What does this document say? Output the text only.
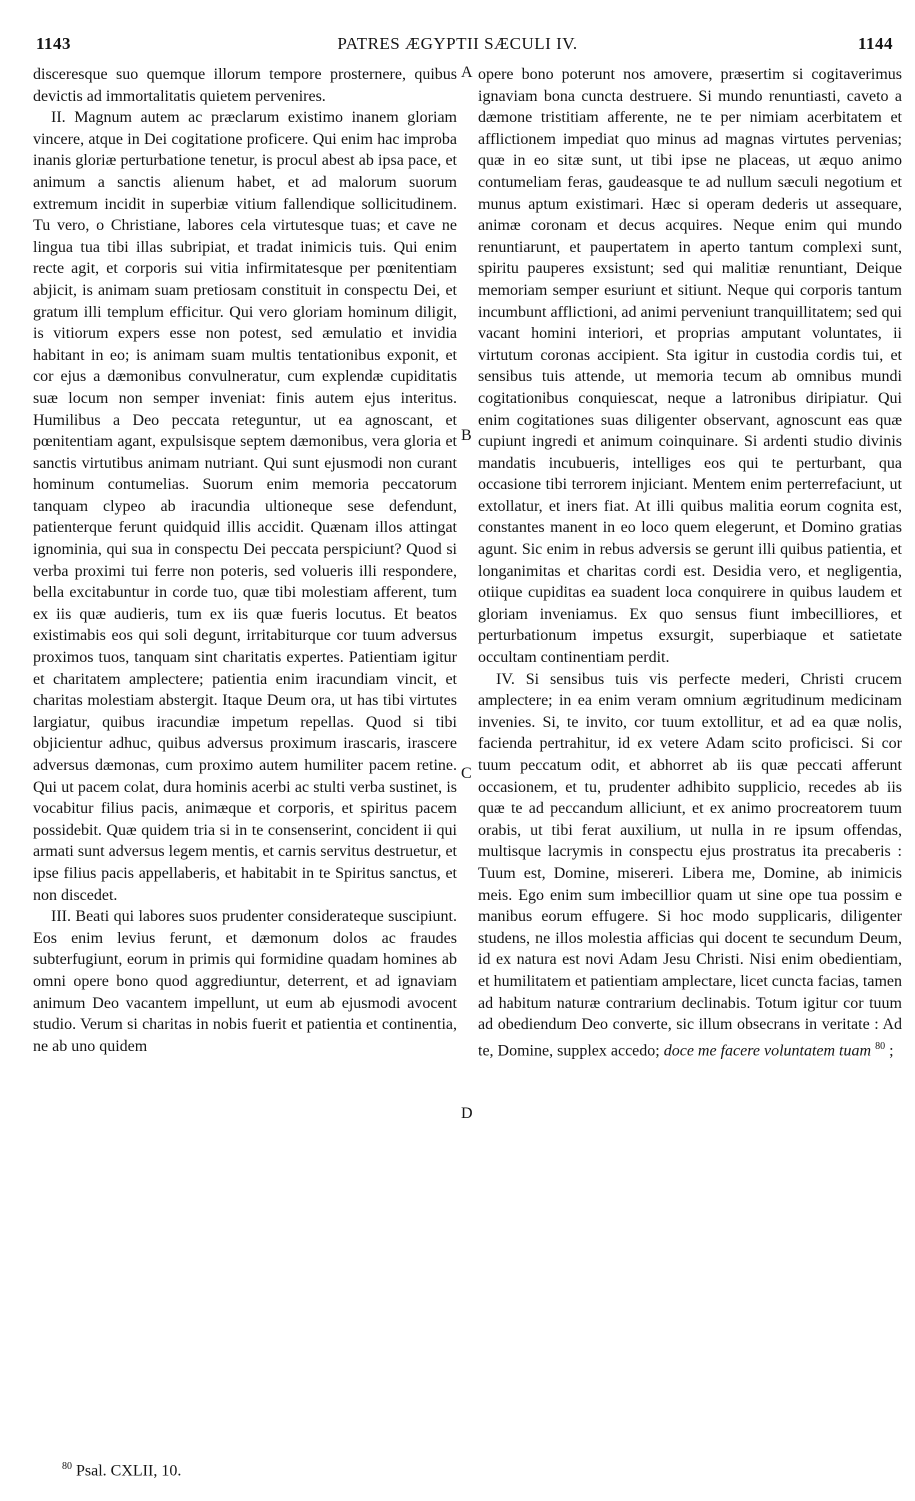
1143	PATRES ÆGYPTII SÆCULI IV.	1144

disceresque suo quemque illorum tempore prosternere, quibus devictis ad immortalitatis quietem pervenires.

II. Magnum autem ac præclarum existimo inanem gloriam vincere, atque in Dei cogitatione proficere. Qui enim hac improba inanis gloriæ perturbatione tenetur, is procul abest ab ipsa pace, et animum a sanctis alienum habet, et ad malorum suorum extremum incidit in superbiæ vitium fallendique sollicitudinem. Tu vero, o Christiane, labores cela virtutesque tuas; et cave ne lingua tua tibi illas subripiat, et tradat inimicis tuis. Qui enim recte agit, et corporis sui vitia infirmitatesque per pœnitentiam abjicit, is animam suam pretiosam constituit in conspectu Dei, et gratum illi templum efficitur. Qui vero gloriam hominum diligit, is vitiorum expers esse non potest, sed æmulatio et invidia habitant in eo; is animam suam multis tentationibus exponit, et cor ejus a dæmonibus convulneratur, cum explendæ cupiditatis suæ locum non semper inveniat: finis autem ejus interitus. Humilibus a Deo peccata reteguntur, ut ea agnoscant, et pœnitentiam agant, expulsisque septem dæmonibus, vera gloria et sanctis virtutibus animam nutriant. Qui sunt ejusmodi non curant hominum contumelias. Suorum enim memoria peccatorum tanquam clypeo ab iracundia ultioneque sese defendunt, patienterque ferunt quidquid illis accidit. Quænam illos attingat ignominia, qui sua in conspectu Dei peccata perspiciunt? Quod si verba proximi tui ferre non poteris, sed volueris illi respondere, bella excitabuntur in corde tuo, quæ tibi molestiam afferent, tum ex iis quæ audieris, tum ex iis quæ fueris locutus. Et beatos existimabis eos qui soli degunt, irritabiturque cor tuum adversus proximos tuos, tanquam sint charitatis expertes. Patientiam igitur et charitatem amplectere; patientia enim iracundiam vincit, et charitas molestiam abstergit. Itaque Deum ora, ut has tibi virtutes largiatur, quibus iracundiæ impetum repellas. Quod si tibi objicientur adhuc, quibus adversus proximum irascaris, irascere adversus dæmonas, cum proximo autem humiliter pacem retine. Qui ut pacem colat, dura hominis acerbi ac stulti verba sustinet, is vocabitur filius pacis, animæque et corporis, et spiritus pacem possidebit. Quæ quidem tria si in te consenserint, concident ii qui armati sunt adversus legem mentis, et carnis servitus destruetur, et ipse filius pacis appellaberis, et habitabit in te Spiritus sanctus, et non discedet.

III. Beati qui labores suos prudenter considerateque suscipiunt. Eos enim levius ferunt, et dæmonum dolos ac fraudes subterfugiunt, eorum in primis qui formidine quadam homines ab omni opere bono quod aggrediuntur, deterrent, et ad ignaviam animum Deo vacantem impellunt, ut eum ab ejusmodi avocent studio. Verum si charitas in nobis fuerit et patientia et continentia, ne ab uno quidem

A
B
C
D

opere bono poterunt nos amovere, præsertim si cogitaverimus ignaviam bona cuncta destruere. Si mundo renuntiasti, caveto a dæmone tristitiam afferente, ne te per nimiam acerbitatem et afflictionem impediat quo minus ad magnas virtutes pervenias; quæ in eo sitæ sunt, ut tibi ipse ne placeas, ut æquo animo contumeliam feras, gaudeasque te ad nullum sæculi negotium et munus aptum existimari. Hæc si operam dederis ut assequare, animæ coronam et decus acquires. Neque enim qui mundo renuntiarunt, et paupertatem in aperto tantum complexi sunt, spiritu pauperes exsistunt; sed qui malitiæ renuntiant, Deique memoriam semper esuriunt et sitiunt. Neque qui corporis tantum incumbunt afflictioni, ad animi perveniunt tranquillitatem; sed qui vacant homini interiori, et proprias amputant voluntates, ii virtutum coronas accipient. Sta igitur in custodia cordis tui, et sensibus tuis attende, ut memoria tecum ab omnibus mundi cogitationibus conquiescat, neque a latronibus diripiatur. Qui enim cogitationes suas diligenter observant, agnoscunt eas quæ cupiunt ingredi et animum coinquinare. Si ardenti studio divinis mandatis incubueris, intelliges eos qui te perturbant, qua occasione tibi terrorem injiciant. Mentem enim perterrefaciunt, ut extollatur, et iners fiat. At illi quibus malitia eorum cognita est, constantes manent in eo loco quem elegerunt, et Domino gratias agunt. Sic enim in rebus adversis se gerunt illi quibus patientia, et longanimitas et charitas cordi est. Desidia vero, et negligentia, otiique cupiditas ea suadent loca conquirere in quibus laudem et gloriam inveniamus. Ex quo sensus fiunt imbecilliores, et perturbationum impetus exsurgit, superbiaque et satietate occultam continentiam perdit.

IV. Si sensibus tuis vis perfecte mederi, Christi crucem amplectere; in ea enim veram omnium ægritudinum medicinam invenies. Si, te invito, cor tuum extollitur, et ad ea quæ nolis, facienda pertrahitur, id ex vetere Adam scito proficisci. Si cor tuum peccatum odit, et abhorret ab iis quæ peccati afferunt occasionem, et tu, prudenter adhibito supplicio, recedes ab iis quæ te ad peccandum alliciunt, et ex animo procreatorem tuum orabis, ut tibi ferat auxilium, ut nulla in re ipsum offendas, multisque lacrymis in conspectu ejus prostratus ita precaberis : Tuum est, Domine, misereri. Libera me, Domine, ab inimicis meis. Ego enim sum imbecillior quam ut sine ope tua possim e manibus eorum effugere. Si hoc modo supplicaris, diligenter studens, ne illos molestia afficias qui docent te secundum Deum, id ex natura est novi Adam Jesu Christi. Nisi enim obedientiam, et humilitatem et patientiam amplectare, licet cuncta facias, tamen ad habitum naturæ contrarium declinabis. Totum igitur cor tuum ad obediendum Deo converte, sic illum obsecrans in veritate : Ad te, Domine, supplex accedo; doce me facere voluntatem tuam $^{80}$ ;

$^{80}$ Psal. CXLII, 10.
